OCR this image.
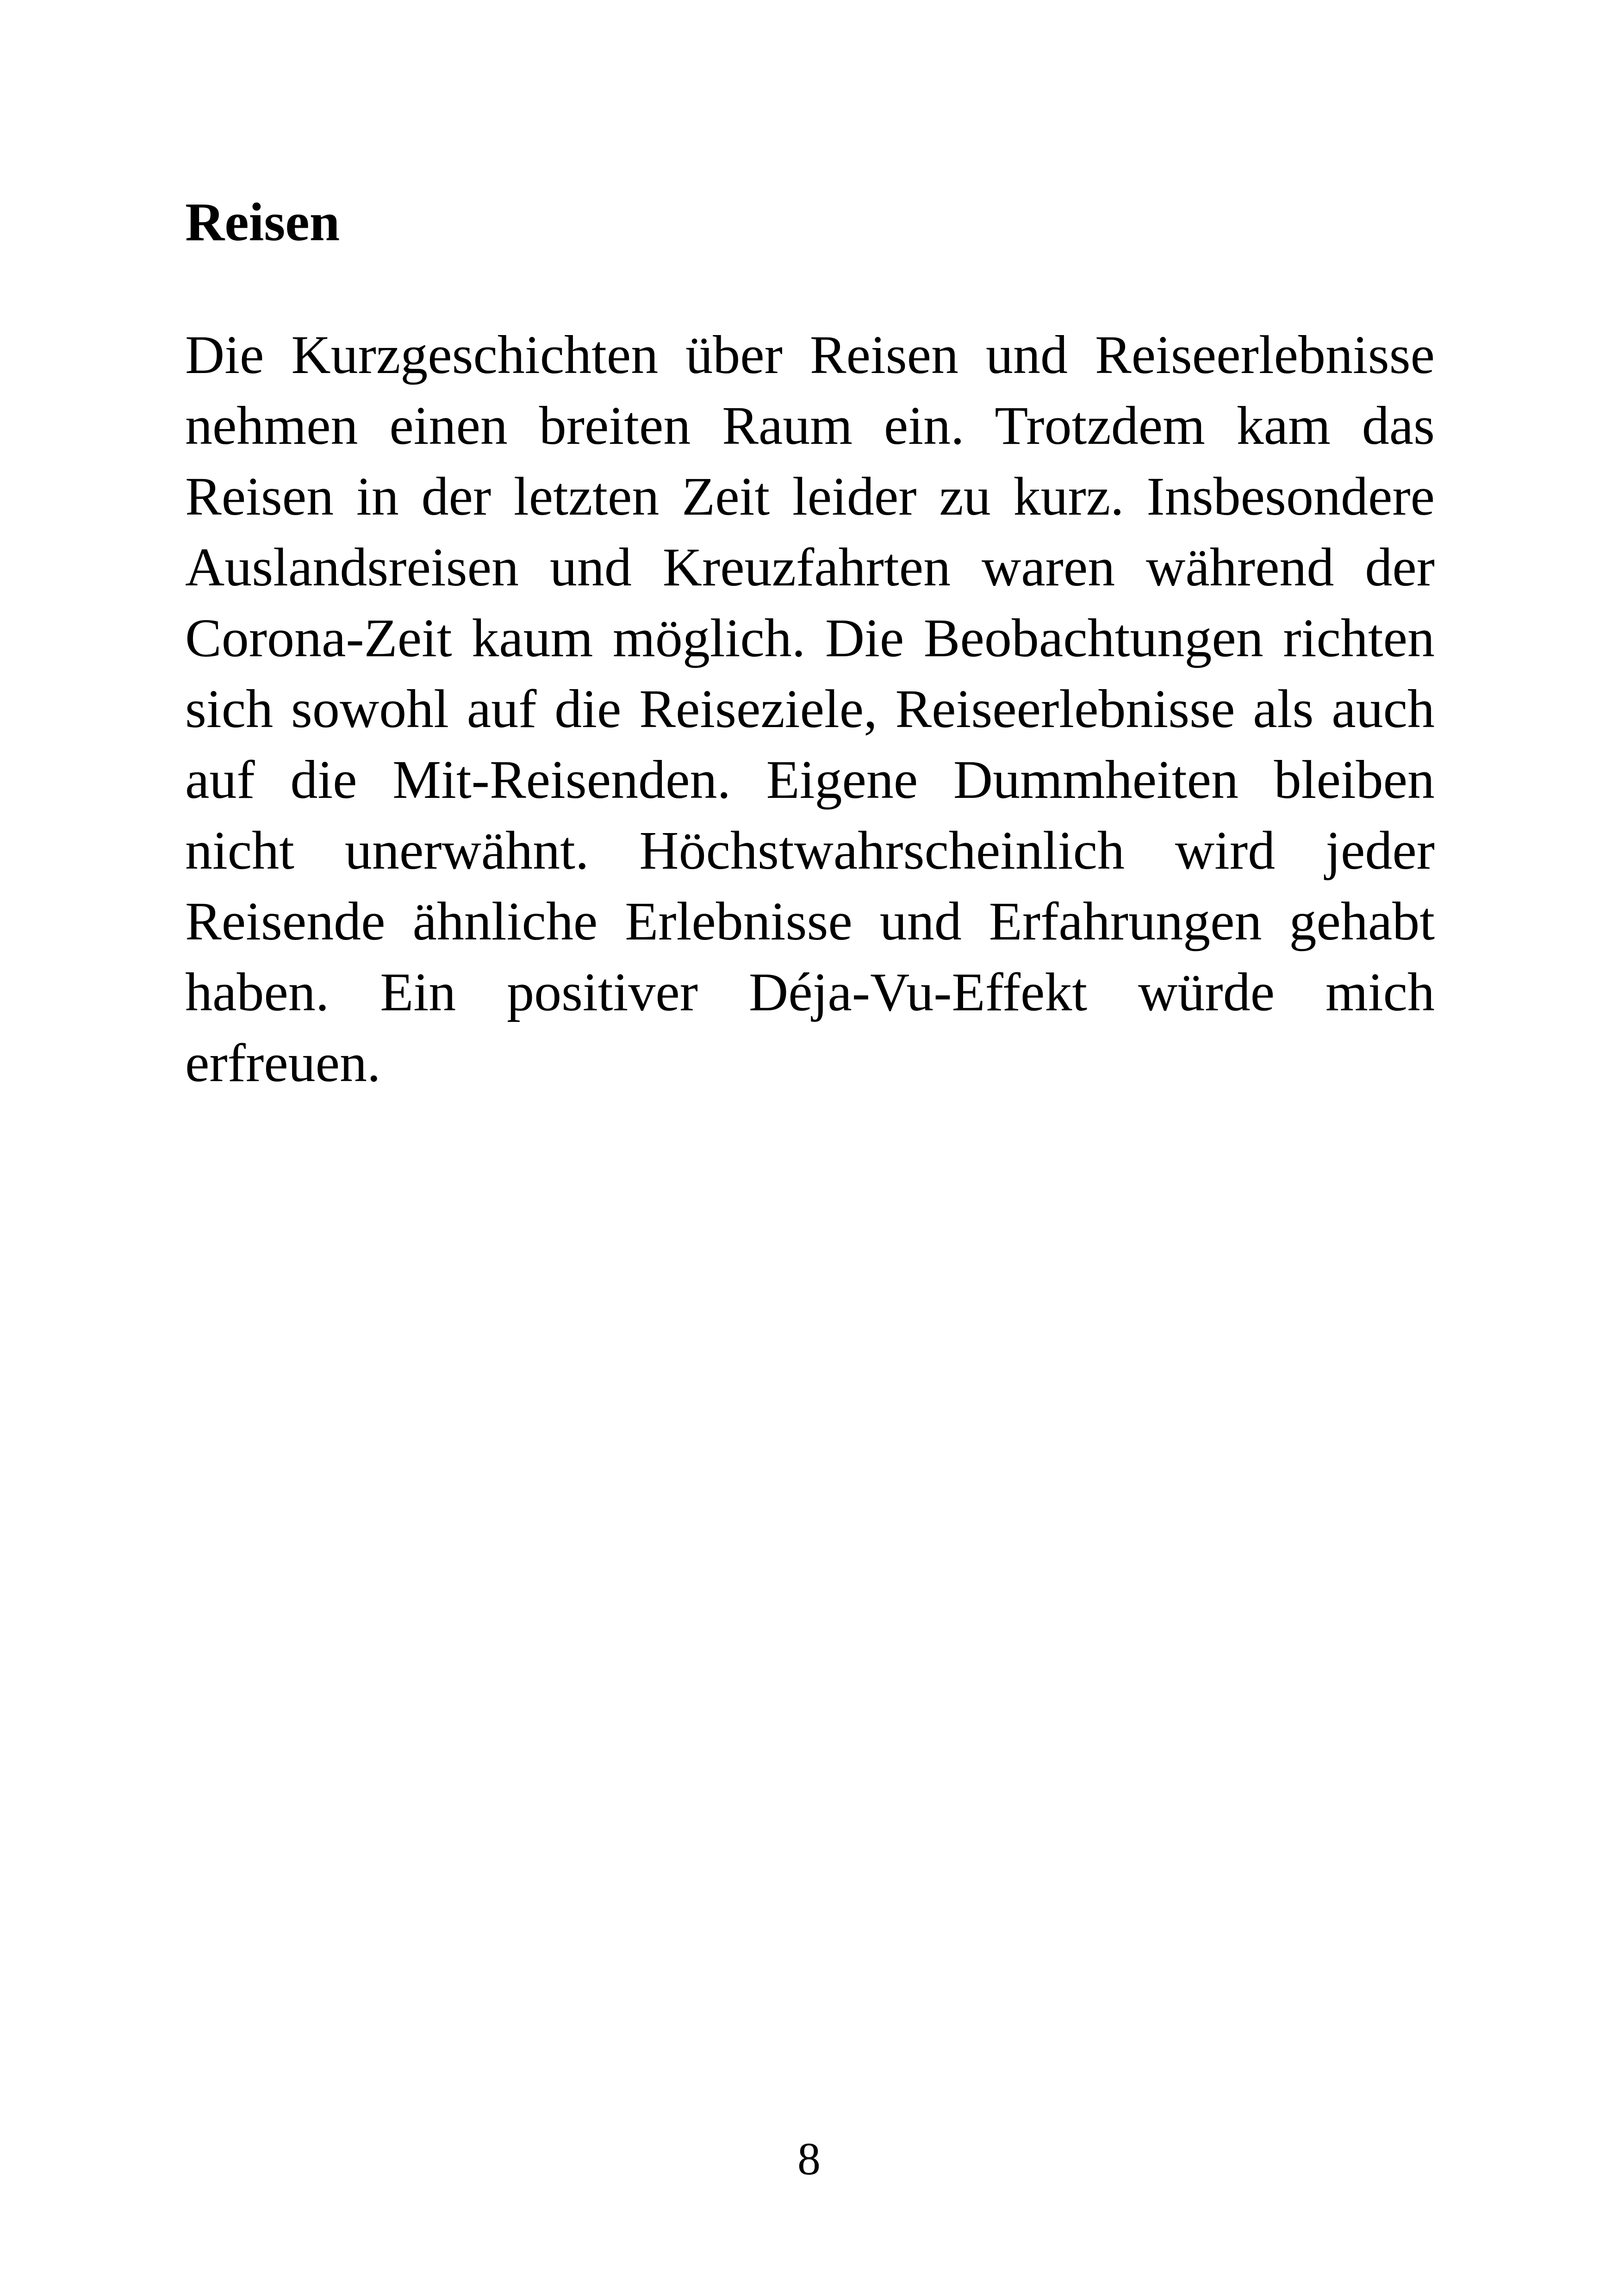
Reisen

Die Kurzgeschichten über Reisen und Reiseerlebnisse nehmen einen breiten Raum ein. Trotzdem kam das Reisen in der letzten Zeit leider zu kurz. Insbesondere Auslandsreisen und Kreuzfahrten waren während der Corona-Zeit kaum möglich. Die Beobachtungen richten sich sowohl auf die Reiseziele, Reiseerlebnisse als auch auf die Mit-Reisenden. Eigene Dummheiten bleiben nicht unerwähnt. Höchstwahrscheinlich wird jeder Reisende ähnliche Erlebnisse und Erfahrungen gehabt haben. Ein positiver Déja-Vu-Effekt würde mich erfreuen.

8
